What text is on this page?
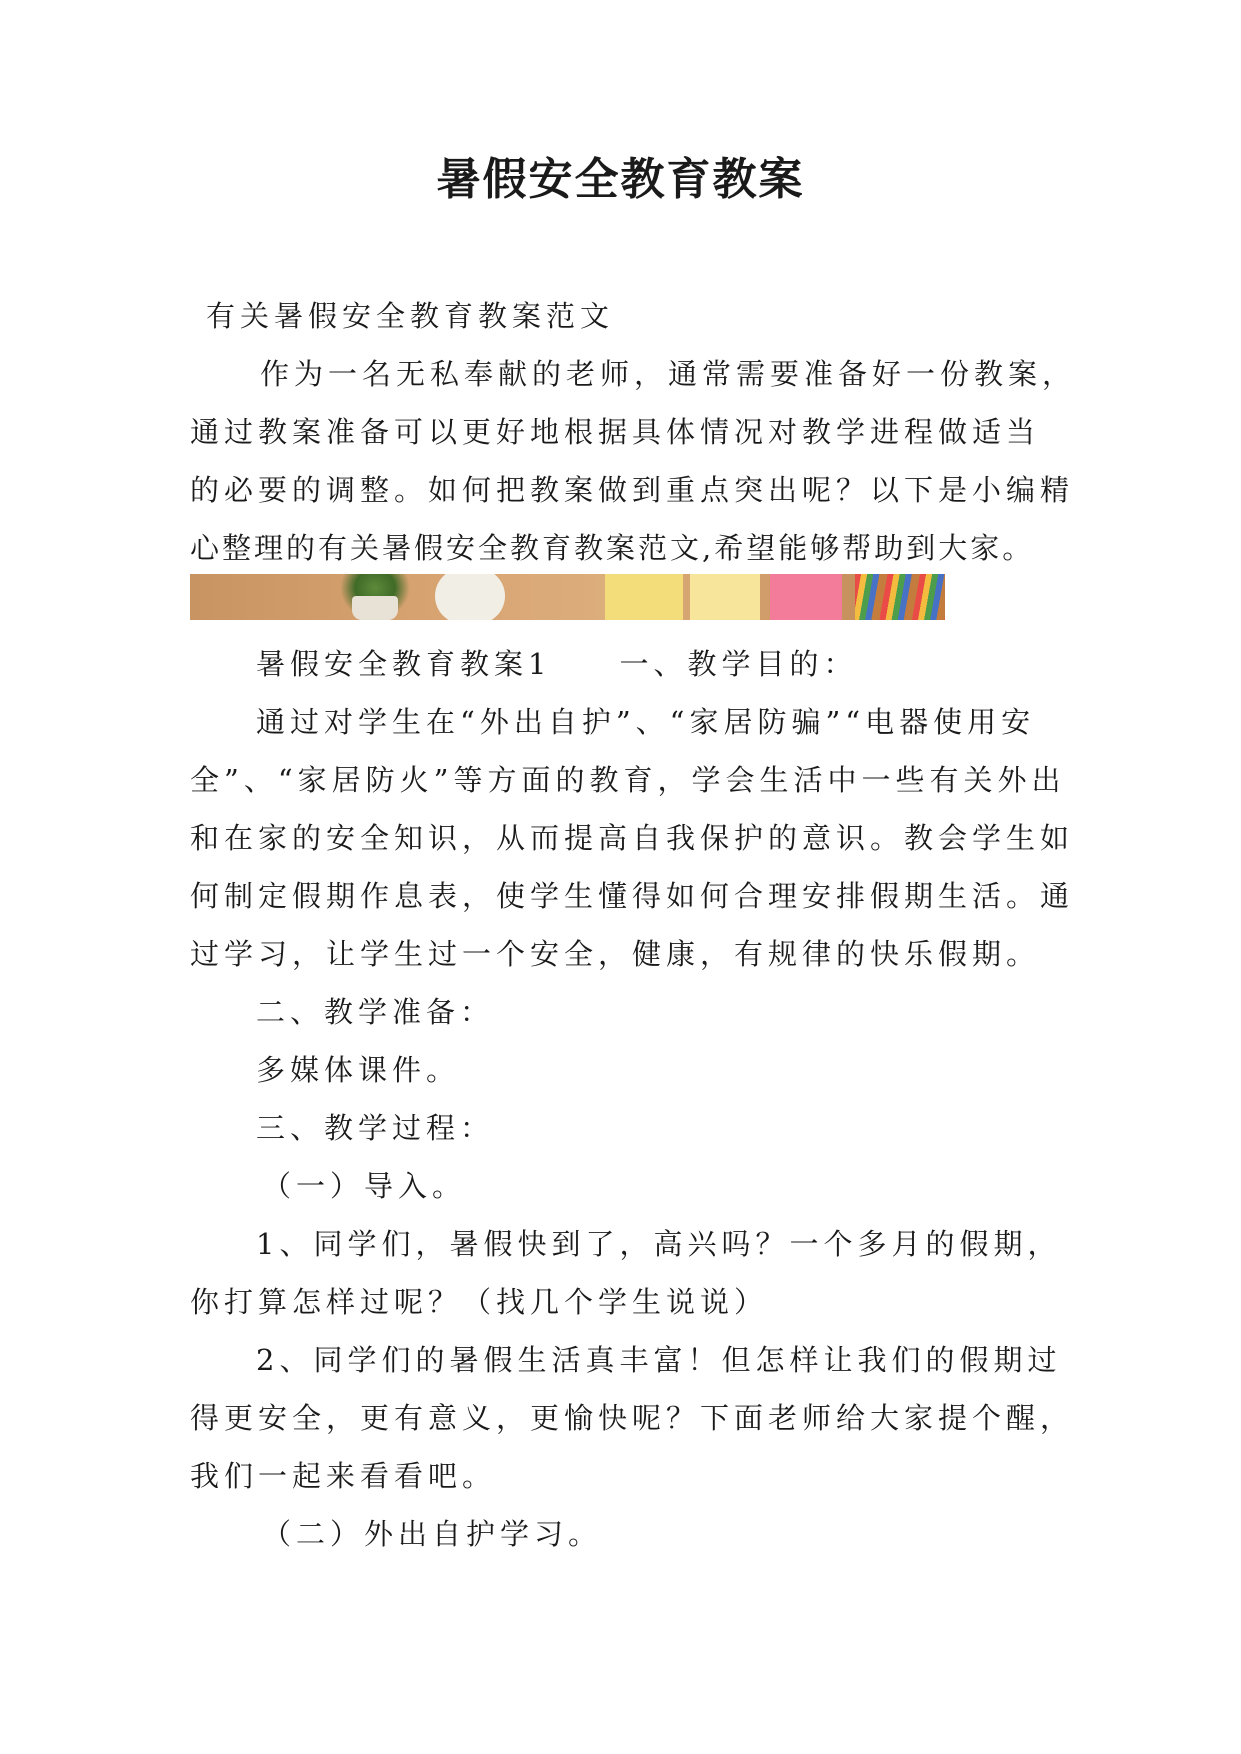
暑假安全教育教案
有关暑假安全教育教案范文
作为一名无私奉献的老师，通常需要准备好一份教案，
通过教案准备可以更好地根据具体情况对教学进程做适当
的必要的调整。如何把教案做到重点突出呢？以下是小编精
心整理的有关暑假安全教育教案范文,希望能够帮助到大家。
暑假安全教育教案1　　一、教学目的：
通过对学生在“外出自护”、“家居防骗”“电器使用安
全”、“家居防火”等方面的教育，学会生活中一些有关外出
和在家的安全知识，从而提高自我保护的意识。教会学生如
何制定假期作息表，使学生懂得如何合理安排假期生活。通
过学习，让学生过一个安全，健康，有规律的快乐假期。
二、教学准备：
多媒体课件。
三、教学过程：
（一）导入。
1、同学们，暑假快到了，高兴吗？一个多月的假期，
你打算怎样过呢？（找几个学生说说）
2、同学们的暑假生活真丰富！但怎样让我们的假期过
得更安全，更有意义，更愉快呢？下面老师给大家提个醒，
我们一起来看看吧。
（二）外出自护学习。
